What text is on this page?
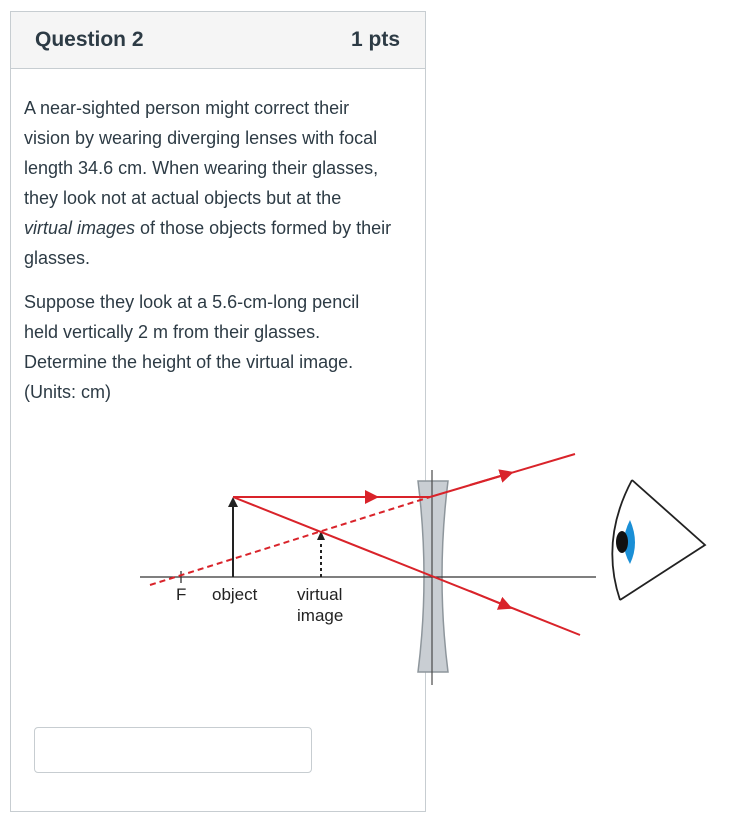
Question 2	1 pts

A near-sighted person might correct their vision by wearing diverging lenses with focal length 34.6 cm. When wearing their glasses, they look not at actual objects but at the virtual images of those objects formed by their glasses.

Suppose they look at a 5.6-cm-long pencil held vertically 2 m from their glasses. Determine the height of the virtual image. (Units: cm)

F object virtual
image
